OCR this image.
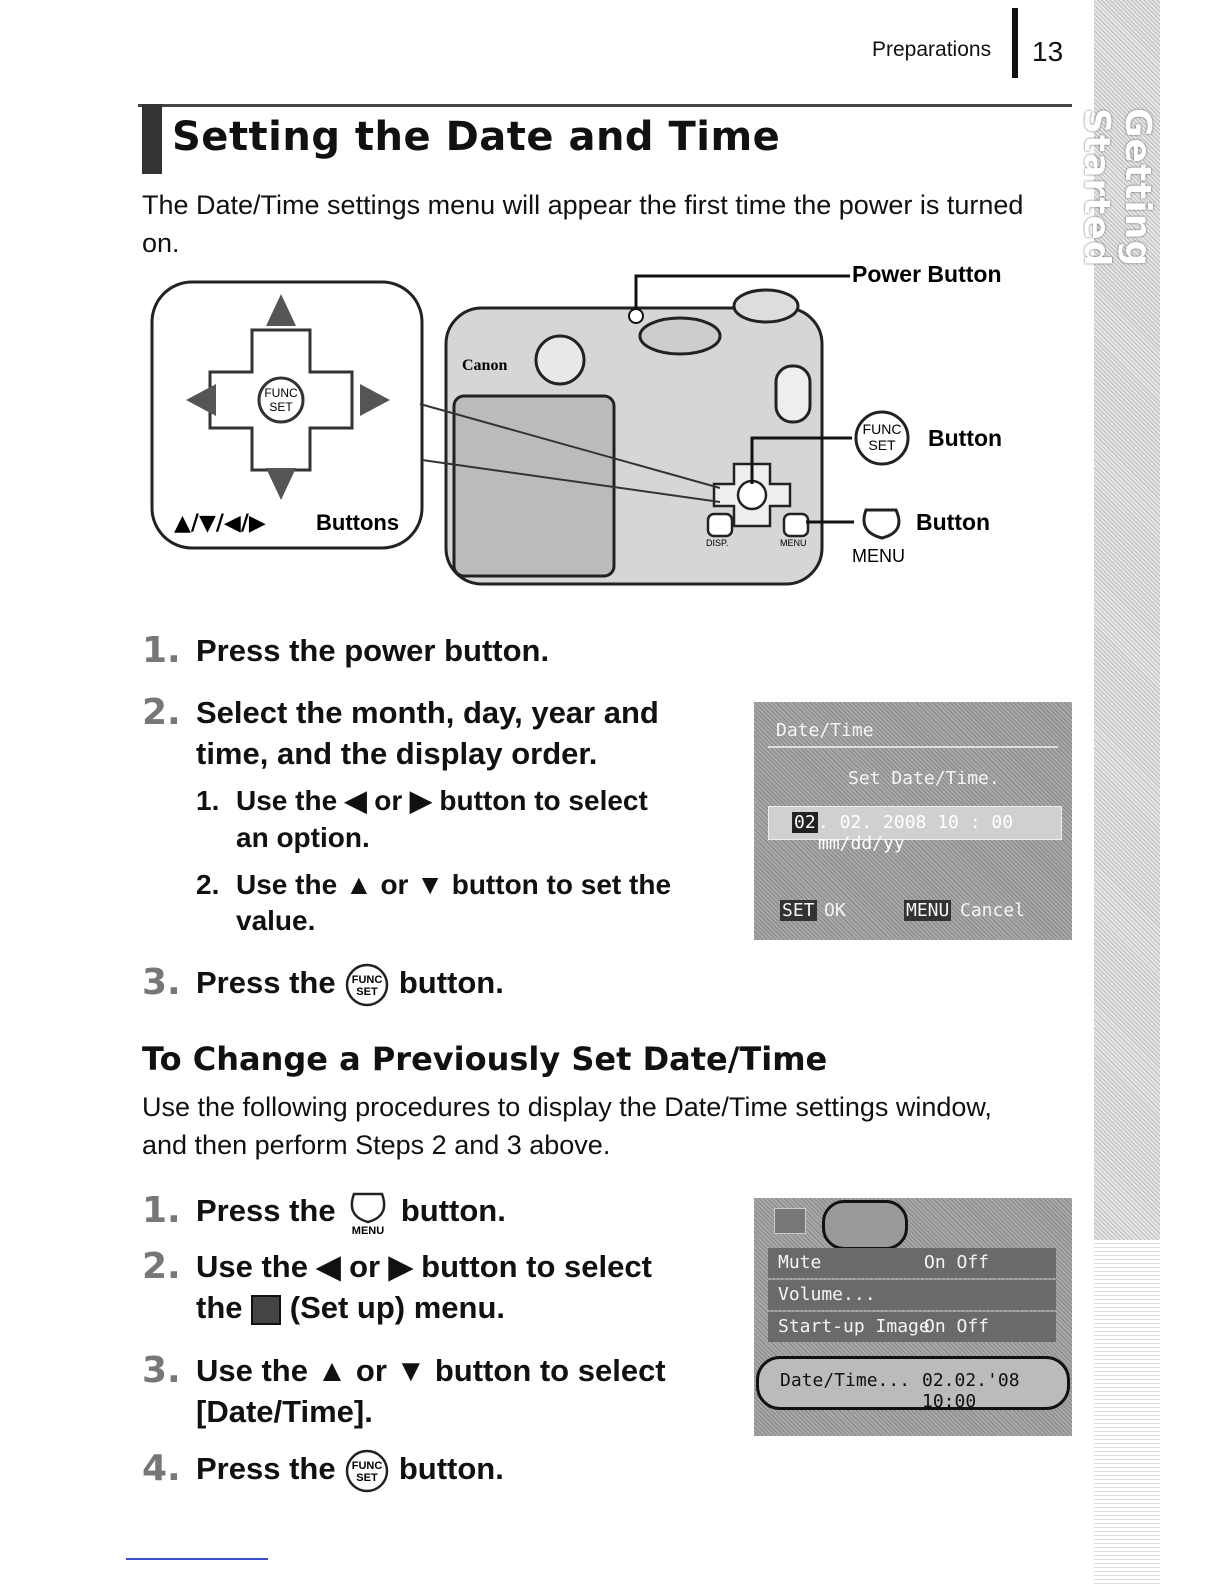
Preparations 13
Getting Started
Setting the Date and Time
The Date/Time settings menu will appear the first time the power is turned on.
FUNC
SET
▲/▼/◀/▶ Buttons
Canon
DISP.	MENU
FUNC
SET
Power Button
Button
Button
MENU
1. Press the power button.
2. Select the month, day, year and
time, and the display order.
1. Use the ◀ or ▶ button to select
an option.
2. Use the ▲ or ▼ button to set the
value.
3. Press the FUNC
SET button.
Date/Time
Set Date/Time.
02 . 02. 2008 10 : 00 mm/dd/yy
SET OK	MENU Cancel
To Change a Previously Set Date/Time
Use the following procedures to display the Date/Time settings window, and then perform Steps 2 and 3 above.
1. Press the
MENU
button.
2. Use the ◀ or ▶ button to select
the (Set up) menu.
3. Use the ▲ or ▼ button to select
[Date/Time].
4. Press the FUNC
SET button.
Mute	On Off
Volume...
Start-up Image
On Off
Date/Time... 02.02.'08 10:00
